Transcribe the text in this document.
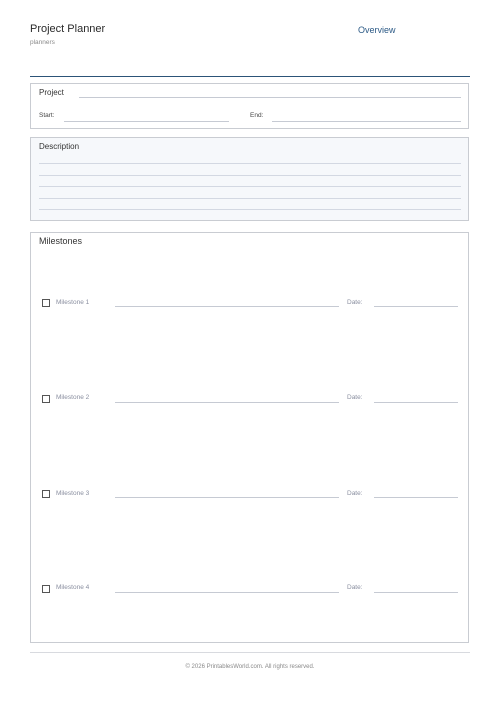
Project Planner
planners
Overview
Project
Start:	End:
Description
Milestones
Milestone 1	Date:
Milestone 2	Date:
Milestone 3	Date:
Milestone 4	Date:
© 2026 PrintablesWorld.com. All rights reserved.
